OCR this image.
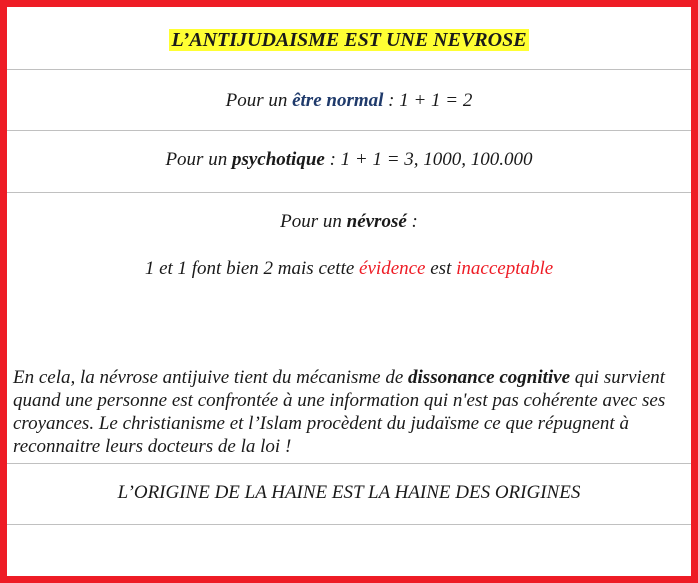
L’ANTIJUDAISME EST UNE NEVROSE
Pour un être normal : 1 + 1 = 2
Pour un psychotique : 1 + 1 = 3, 1000, 100.000
Pour un névrosé :
1 et 1 font bien 2 mais cette évidence est inacceptable
En cela, la névrose antijuive tient du mécanisme de dissonance cognitive qui survient quand une personne est confrontée à une information qui n'est pas cohérente avec ses croyances. Le christianisme et l’Islam procèdent du judaïsme ce que répugnent à reconnaitre leurs docteurs de la loi !
L’ORIGINE DE LA HAINE EST LA HAINE DES ORIGINES
